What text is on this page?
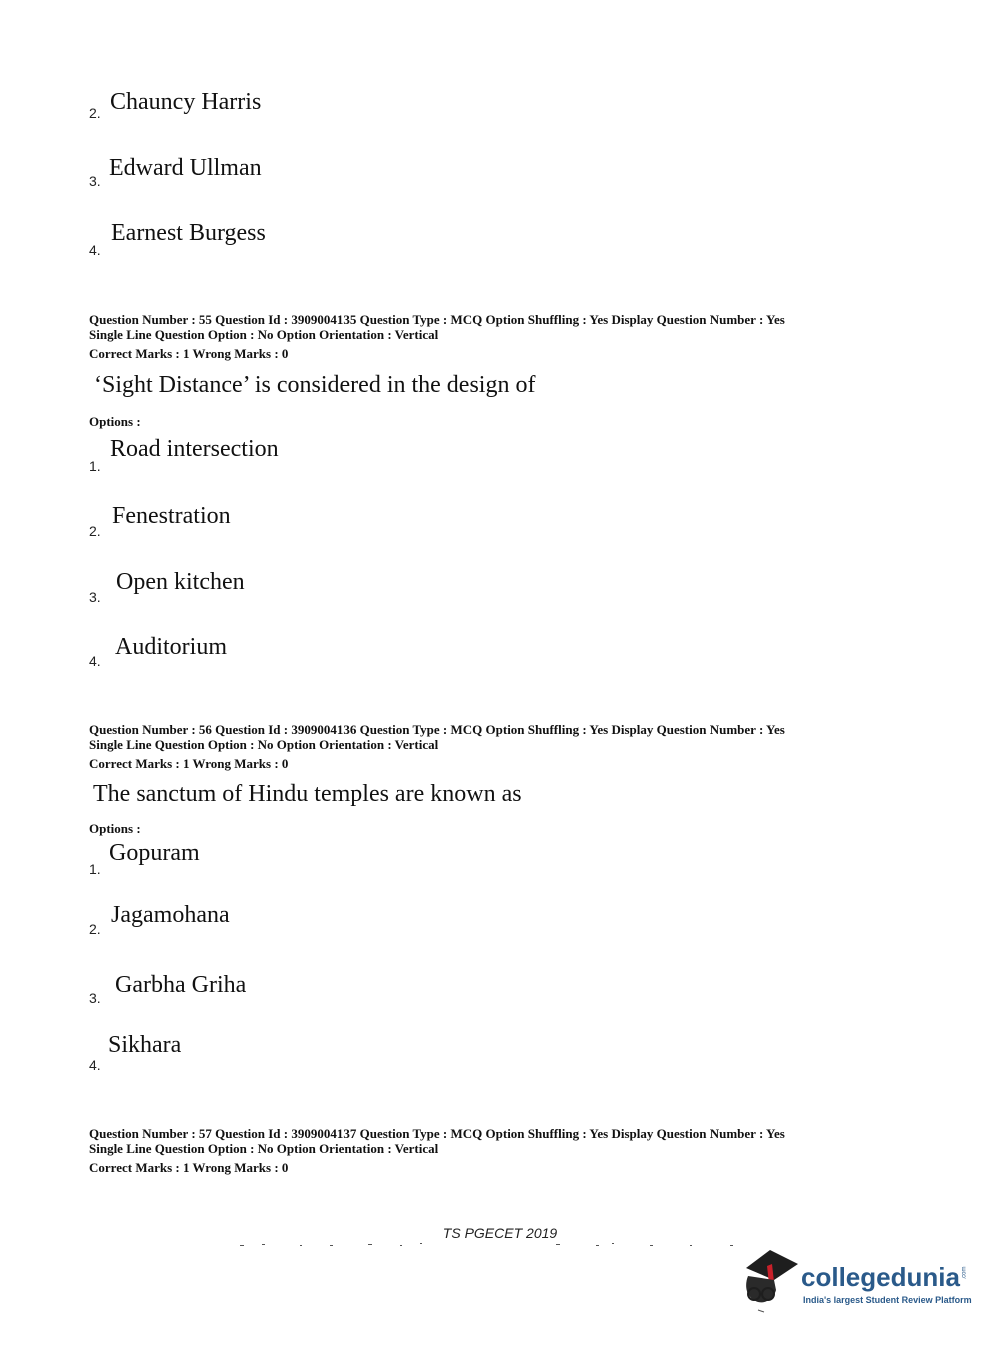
2. Chauncy Harris
3. Edward Ullman
4.
Earnest Burgess
Question Number : 55 Question Id : 3909004135 Question Type : MCQ Option Shuffling : Yes Display Question Number : Yes
Single Line Question Option : No Option Orientation : Vertical
Correct Marks : 1 Wrong Marks : 0
‘Sight Distance’ is considered in the design of
Options :
1.
Road intersection
2.
Fenestration
3.
Open kitchen
4.
Auditorium
Question Number : 56 Question Id : 3909004136 Question Type : MCQ Option Shuffling : Yes Display Question Number : Yes
Single Line Question Option : No Option Orientation : Vertical
Correct Marks : 1 Wrong Marks : 0
The sanctum of Hindu temples are known as
Options :
1.
Gopuram
2.
Jagamohana
3. Garbha Griha
4.
Sikhara
Question Number : 57 Question Id : 3909004137 Question Type : MCQ Option Shuffling : Yes Display Question Number : Yes
Single Line Question Option : No Option Orientation : Vertical
Correct Marks : 1 Wrong Marks : 0
TS PGECET 2019
collegedunia .com
India's largest Student Review Platform
